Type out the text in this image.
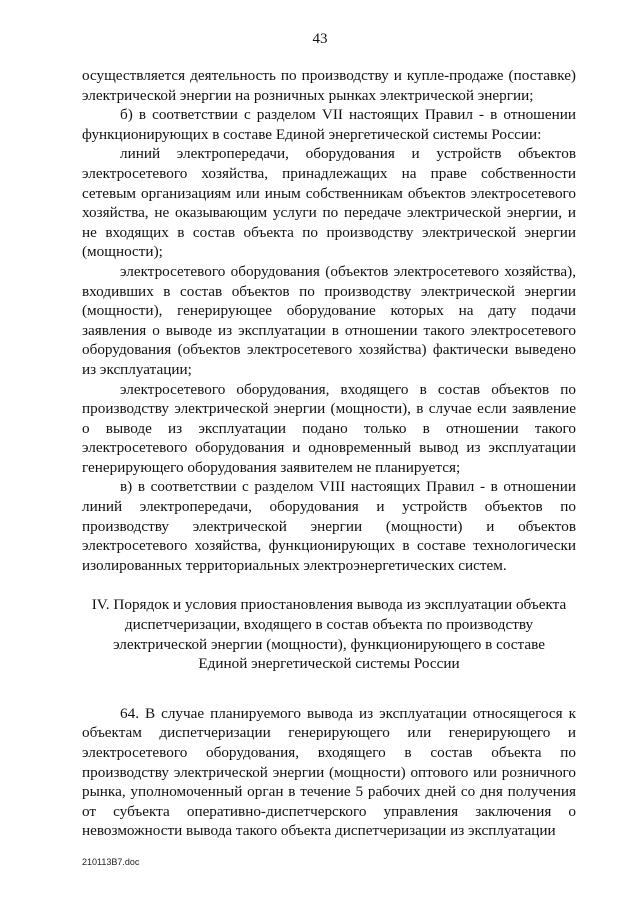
43

осуществляется деятельность по производству и купле-продаже (поставке) электрической энергии на розничных рынках электрической энергии;

б) в соответствии с разделом VII настоящих Правил - в отношении функционирующих в составе Единой энергетической системы России:

линий электропередачи, оборудования и устройств объектов электросетевого хозяйства, принадлежащих на праве собственности сетевым организациям или иным собственникам объектов электросетевого хозяйства, не оказывающим услуги по передаче электрической энергии, и не входящих в состав объекта по производству электрической энергии (мощности);

электросетевого оборудования (объектов электросетевого хозяйства), входивших в состав объектов по производству электрической энергии (мощности), генерирующее оборудование которых на дату подачи заявления о выводе из эксплуатации в отношении такого электросетевого оборудования (объектов электросетевого хозяйства) фактически выведено из эксплуатации;

электросетевого оборудования, входящего в состав объектов по производству электрической энергии (мощности), в случае если заявление о выводе из эксплуатации подано только в отношении такого электросетевого оборудования и одновременный вывод из эксплуатации генерирующего оборудования заявителем не планируется;

в) в соответствии с разделом VIII настоящих Правил - в отношении линий электропередачи, оборудования и устройств объектов по производству электрической энергии (мощности) и объектов электросетевого хозяйства, функционирующих в составе технологически изолированных территориальных электроэнергетических систем.

IV. Порядок и условия приостановления вывода из эксплуатации объекта

диспетчеризации, входящего в состав объекта по производству

электрической энергии (мощности), функционирующего в составе

Единой энергетической системы России

64. В случае планируемого вывода из эксплуатации относящегося к объектам диспетчеризации генерирующего или генерирующего и электросетевого оборудования, входящего в состав объекта по производству электрической энергии (мощности) оптового или розничного рынка, уполномоченный орган в течение 5 рабочих дней со дня получения от субъекта оперативно-диспетчерского управления заключения о невозможности вывода такого объекта диспетчеризации из эксплуатации

210113B7.doc
